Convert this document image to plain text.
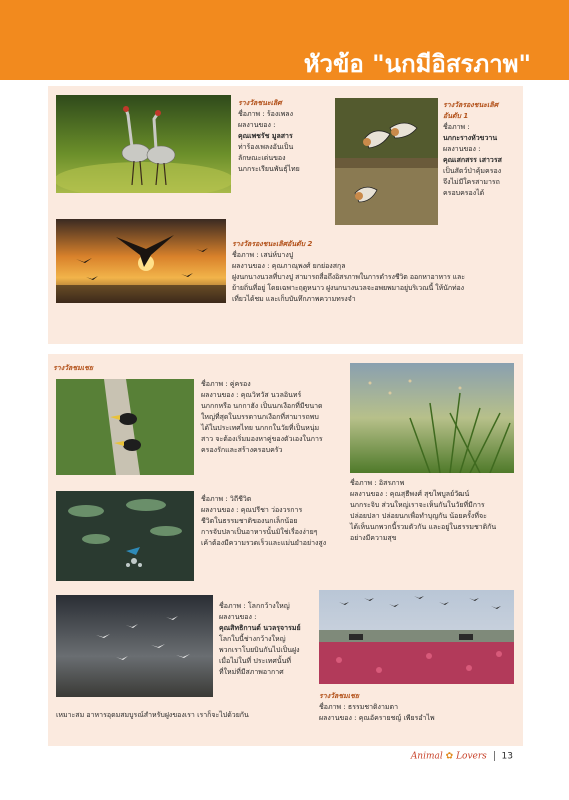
หัวข้อ "นกมีอิสรภาพ"

รางวัลชนะเลิศ

ชื่อภาพ : ร้องเพลง

ผลงานของ :

คุณเพชรัช มูลสาร

ท่าร้องเพลงอันเป็น

ลักษณะเด่นของ

นกกระเรียนพันธุ์ไทย

รางวัลรองชนะเลิศ

อันดับ 1

ชื่อภาพ :

นกกะรางหัวขวาน

ผลงานของ :

คุณเสกสรร เสาวรส

เป็นสัตว์ป่าคุ้มครอง

จึงไม่มีใครสามารถ

ครอบครองได้

รางวัลรองชนะเลิศอันดับ 2

ชื่อภาพ : เสน่ห์บางปู

ผลงานของ : คุณภาณุพงศ์ ยกย่องสกุล

ฝูงนกนางนวลที่บางปู สามารถสื่อถึงอิสรภาพในการดำรงชีวิต ออกหาอาหาร และ

ย้ายถิ่นที่อยู่ โดยเฉพาะฤดูหนาว ฝูงนกนางนวลจะอพยพมาอยู่บริเวณนี้ ให้นักท่อง

เที่ยวได้ชม และเก็บบันทึกภาพความทรงจำ

รางวัลชมเชย

ชื่อภาพ : คู่ครอง

ผลงานของ : คุณวิทวัส นวลอินทร์

นกกกหรือ นกกาฮัง เป็นนกเงือกที่มีขนาด

ใหญ่ที่สุดในบรรดานกเงือกที่สามารถพบ

ได้ในประเทศไทย นกกกในวัยที่เป็นหนุ่ม

สาว จะต้องเริ่มมองหาคู่ของตัวเองในการ

ครองรักและสร้างครอบครัว

ชื่อภาพ : อิสรภาพ

ผลงานของ : คุณสุธีพงศ์ สุขไพบูลย์วัฒน์

นกกระจิบ ส่วนใหญ่เราจะเห็นกันในวัยที่มีการ

ปล่อยปลา ปล่อยนกเพื่อทำบุญกัน น้อยครั้งที่จะ

ได้เห็นนกพวกนี้รวมตัวกัน และอยู่ในธรรมชาติกัน

อย่างมีความสุข

ชื่อภาพ : วิถีชีวิต

ผลงานของ : คุณปรีชา ว่องวรการ

ชีวิตในธรรมชาติของนกเล็กน้อย

การจับปลาเป็นอาหารนั้นมิใช่เรื่องง่ายๆ

เค้าต้องมีความรวดเร็วและแม่นยำอย่างสูง

ชื่อภาพ : โลกกว้างใหญ่

ผลงานของ :

คุณสิทธิกานต์ นวลรุจารมย์

โลกใบนี้ช่างกว้างใหญ่

พวกเราโบยบินกันไปเป็นฝูง

เมื่อไม่ในที่ ประเทศนั้นที่

ที่ใหม่ที่มีสภาพอากาศ

เหมาะสม อาหารอุดมสมบูรณ์สำหรับฝูงของเรา เราก็จะไปด้วยกัน

รางวัลชมเชย

ชื่อภาพ : ธรรมชาติงามตา

ผลงานของ : คุณอัครายชญ์ เพียรอำไพ

Animal ✿ Lovers 13
